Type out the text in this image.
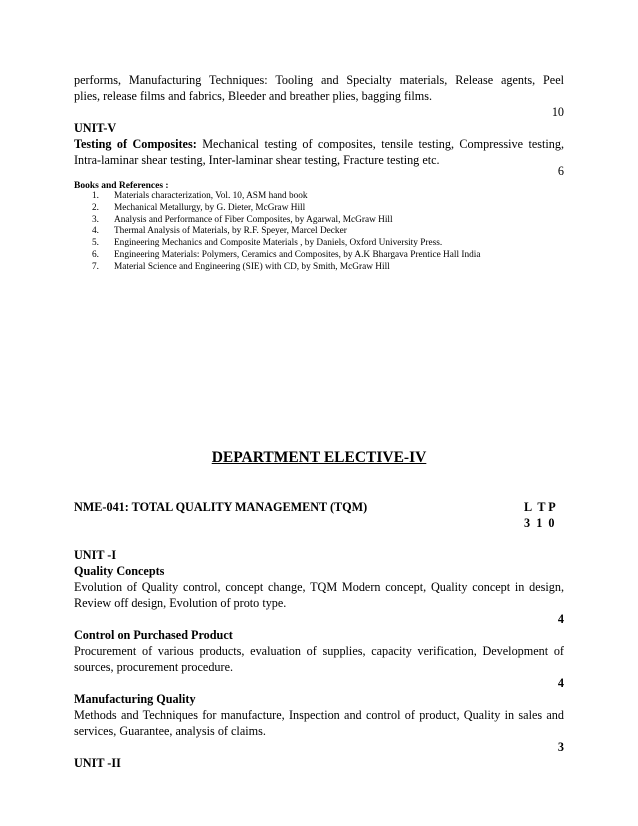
performs, Manufacturing Techniques: Tooling and Specialty materials, Release agents, Peel
plies, release films and fabrics, Bleeder and breather plies, bagging films.
10
UNIT-V
Testing of Composites: Mechanical testing of composites, tensile testing, Compressive testing,
Intra-laminar shear testing, Inter-laminar shear testing, Fracture testing etc.
6
Books and References :
1. Materials characterization, Vol. 10, ASM hand book
2. Mechanical Metallurgy, by G. Dieter, McGraw Hill
3. Analysis and Performance of Fiber Composites, by Agarwal, McGraw Hill
4. Thermal Analysis of Materials, by R.F. Speyer, Marcel Decker
5. Engineering Mechanics and Composite Materials , by Daniels, Oxford University Press.
6. Engineering Materials: Polymers, Ceramics and Composites, by A.K Bhargava Prentice Hall India
7. Material Science and Engineering (SIE) with CD, by Smith, McGraw Hill
DEPARTMENT ELECTIVE-IV
NME-041: TOTAL QUALITY MANAGEMENT (TQM)	L  T P
3  1  0
UNIT -I
Quality Concepts
Evolution of Quality control, concept change, TQM Modern concept, Quality concept in design,
Review off design, Evolution of proto type.
4
Control on Purchased Product
Procurement of various products, evaluation of supplies, capacity verification, Development of
sources, procurement procedure.
4
Manufacturing Quality
Methods and Techniques for manufacture, Inspection and control of product, Quality in sales and
services, Guarantee, analysis of claims.
3
UNIT -II
